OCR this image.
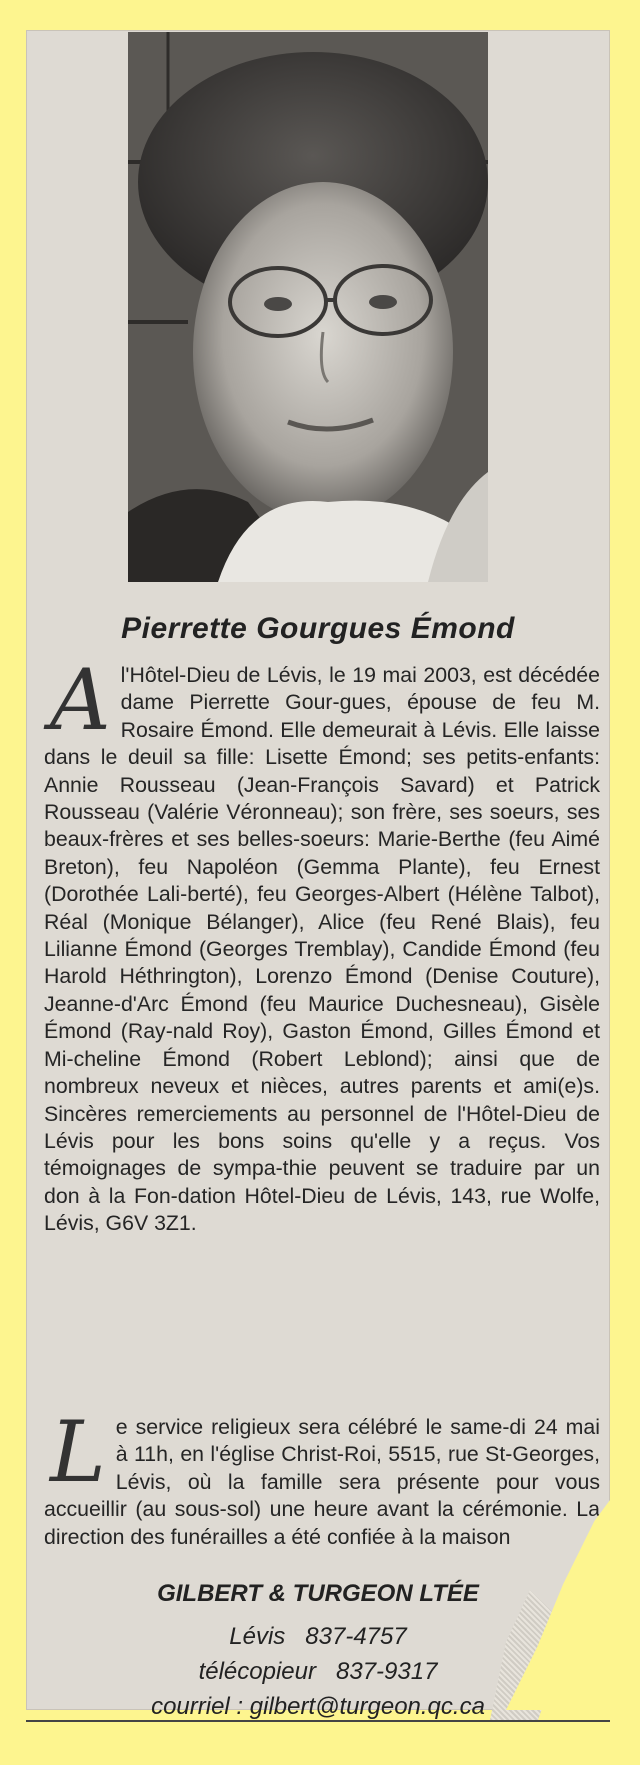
Pierrette Gourgues Émond
A l'Hôtel-Dieu de Lévis, le 19 mai 2003, est décédée dame Pierrette Gour-gues, épouse de feu M. Rosaire Émond. Elle demeurait à Lévis. Elle laisse dans le deuil sa fille: Lisette Émond; ses petits-enfants: Annie Rousseau (Jean-François Savard) et Patrick Rousseau (Valérie Véronneau); son frère, ses soeurs, ses beaux-frères et ses belles-soeurs: Marie-Berthe (feu Aimé Breton), feu Napoléon (Gemma Plante), feu Ernest (Dorothée Lali-berté), feu Georges-Albert (Hélène Talbot), Réal (Monique Bélanger), Alice (feu René Blais), feu Lilianne Émond (Georges Tremblay), Candide Émond (feu Harold Héthrington), Lorenzo Émond (Denise Couture), Jeanne-d'Arc Émond (feu Maurice Duchesneau), Gisèle Émond (Ray-nald Roy), Gaston Émond, Gilles Émond et Mi-cheline Émond (Robert Leblond); ainsi que de nombreux neveux et nièces, autres parents et ami(e)s. Sincères remerciements au personnel de l'Hôtel-Dieu de Lévis pour les bons soins qu'elle y a reçus. Vos témoignages de sympa-thie peuvent se traduire par un don à la Fon-dation Hôtel-Dieu de Lévis, 143, rue Wolfe, Lévis, G6V 3Z1.
L e service religieux sera célébré le same-di 24 mai à 11h, en l'église Christ-Roi, 5515, rue St-Georges, Lévis, où la famille sera présente pour vous accueillir (au sous-sol) une heure avant la cérémonie. La direction des funérailles a été confiée à la maison
GILBERT & TURGEON LTÉE
Lévis   837-4757
télécopieur   837-9317
courriel : gilbert@turgeon.qc.ca
